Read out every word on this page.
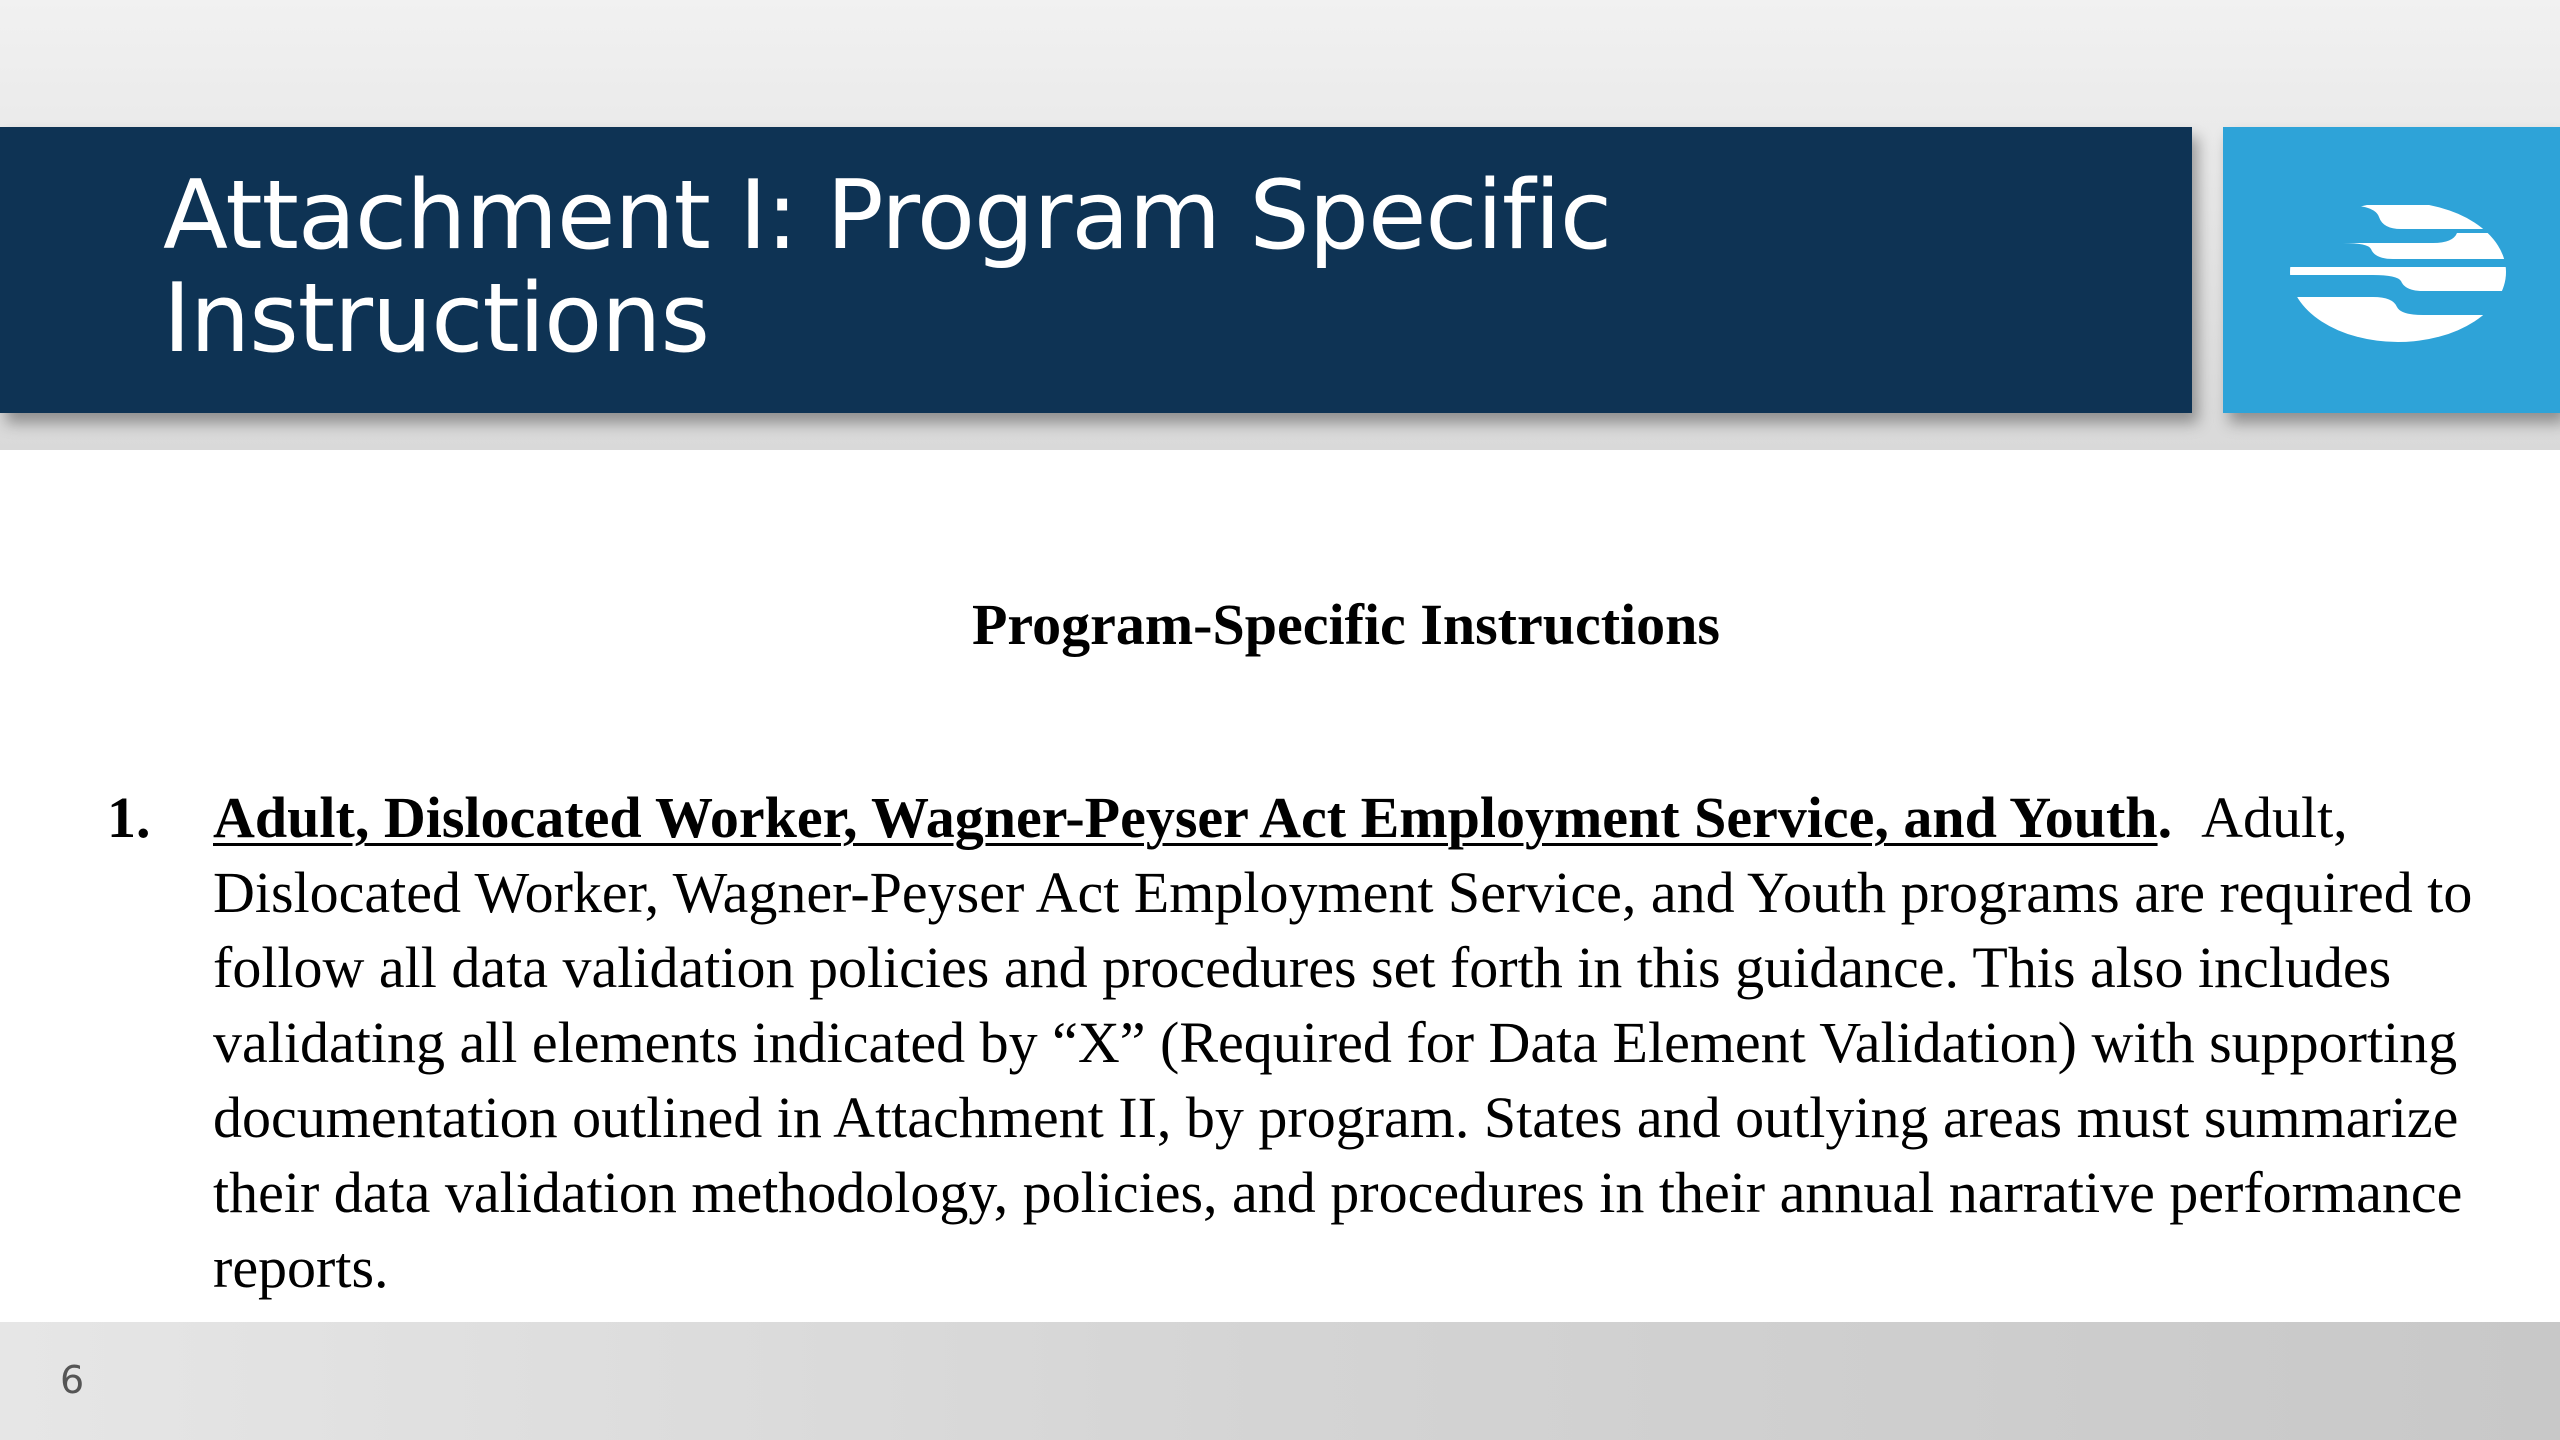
Attachment I: Program Specific
Instructions
Program-Specific Instructions
1. Adult, Dislocated Worker, Wagner-Peyser Act Employment Service, and Youth. Adult, Dislocated Worker, Wagner-Peyser Act Employment Service, and Youth programs are required to follow all data validation policies and procedures set forth in this guidance. This also includes validating all elements indicated by “X” (Required for Data Element Validation) with supporting documentation outlined in Attachment II, by program. States and outlying areas must summarize their data validation methodology, policies, and procedures in their annual narrative performance reports.

6
